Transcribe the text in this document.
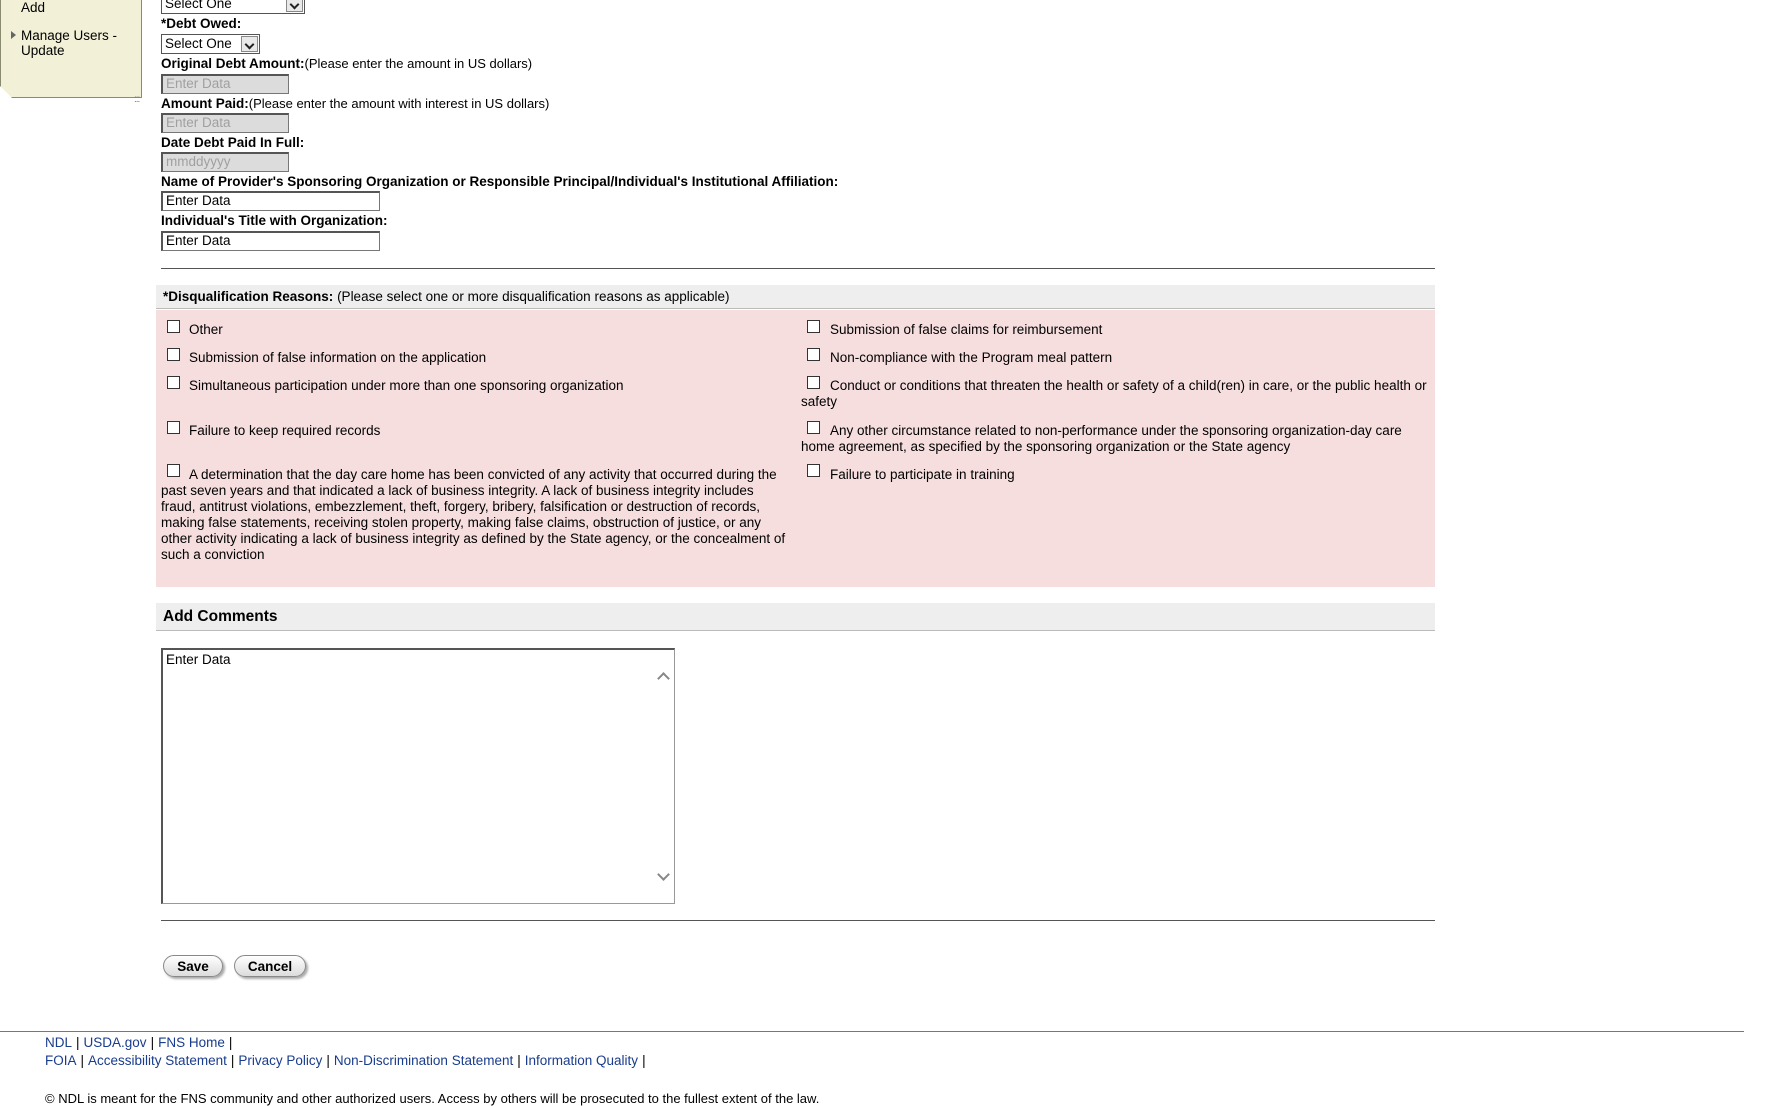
Add
Manage Users - Update
:::
Select One
*Debt Owed:
Select One
Original Debt Amount:(Please enter the amount in US dollars)
Enter Data
Amount Paid:(Please enter the amount with interest in US dollars)
Enter Data
Date Debt Paid In Full:
mmddyyyy
Name of Provider's Sponsoring Organization or Responsible Principal/Individual's Institutional Affiliation:
Enter Data
Individual's Title with Organization:
Enter Data
*Disqualification Reasons: (Please select one or more disqualification reasons as applicable)
Other
Submission of false information on the application
Simultaneous participation under more than one sponsoring organization
Failure to keep required records
A determination that the day care home has been convicted of any activity that occurred during the past seven years and that indicated a lack of business integrity. A lack of business integrity includes fraud, antitrust violations, embezzlement, theft, forgery, bribery, falsification or destruction of records, making false statements, receiving stolen property, making false claims, obstruction of justice, or any other activity indicating a lack of business integrity as defined by the State agency, or the concealment of such a conviction
Submission of false claims for reimbursement
Non-compliance with the Program meal pattern
Conduct or conditions that threaten the health or safety of a child(ren) in care, or the public health or safety
Any other circumstance related to non-performance under the sponsoring organization-day care home agreement, as specified by the sponsoring organization or the State agency
Failure to participate in training
Add Comments
Enter Data
Save	Cancel
NDL | USDA.gov | FNS Home |
FOIA | Accessibility Statement | Privacy Policy | Non-Discrimination Statement | Information Quality |
© NDL is meant for the FNS community and other authorized users. Access by others will be prosecuted to the fullest extent of the law.
